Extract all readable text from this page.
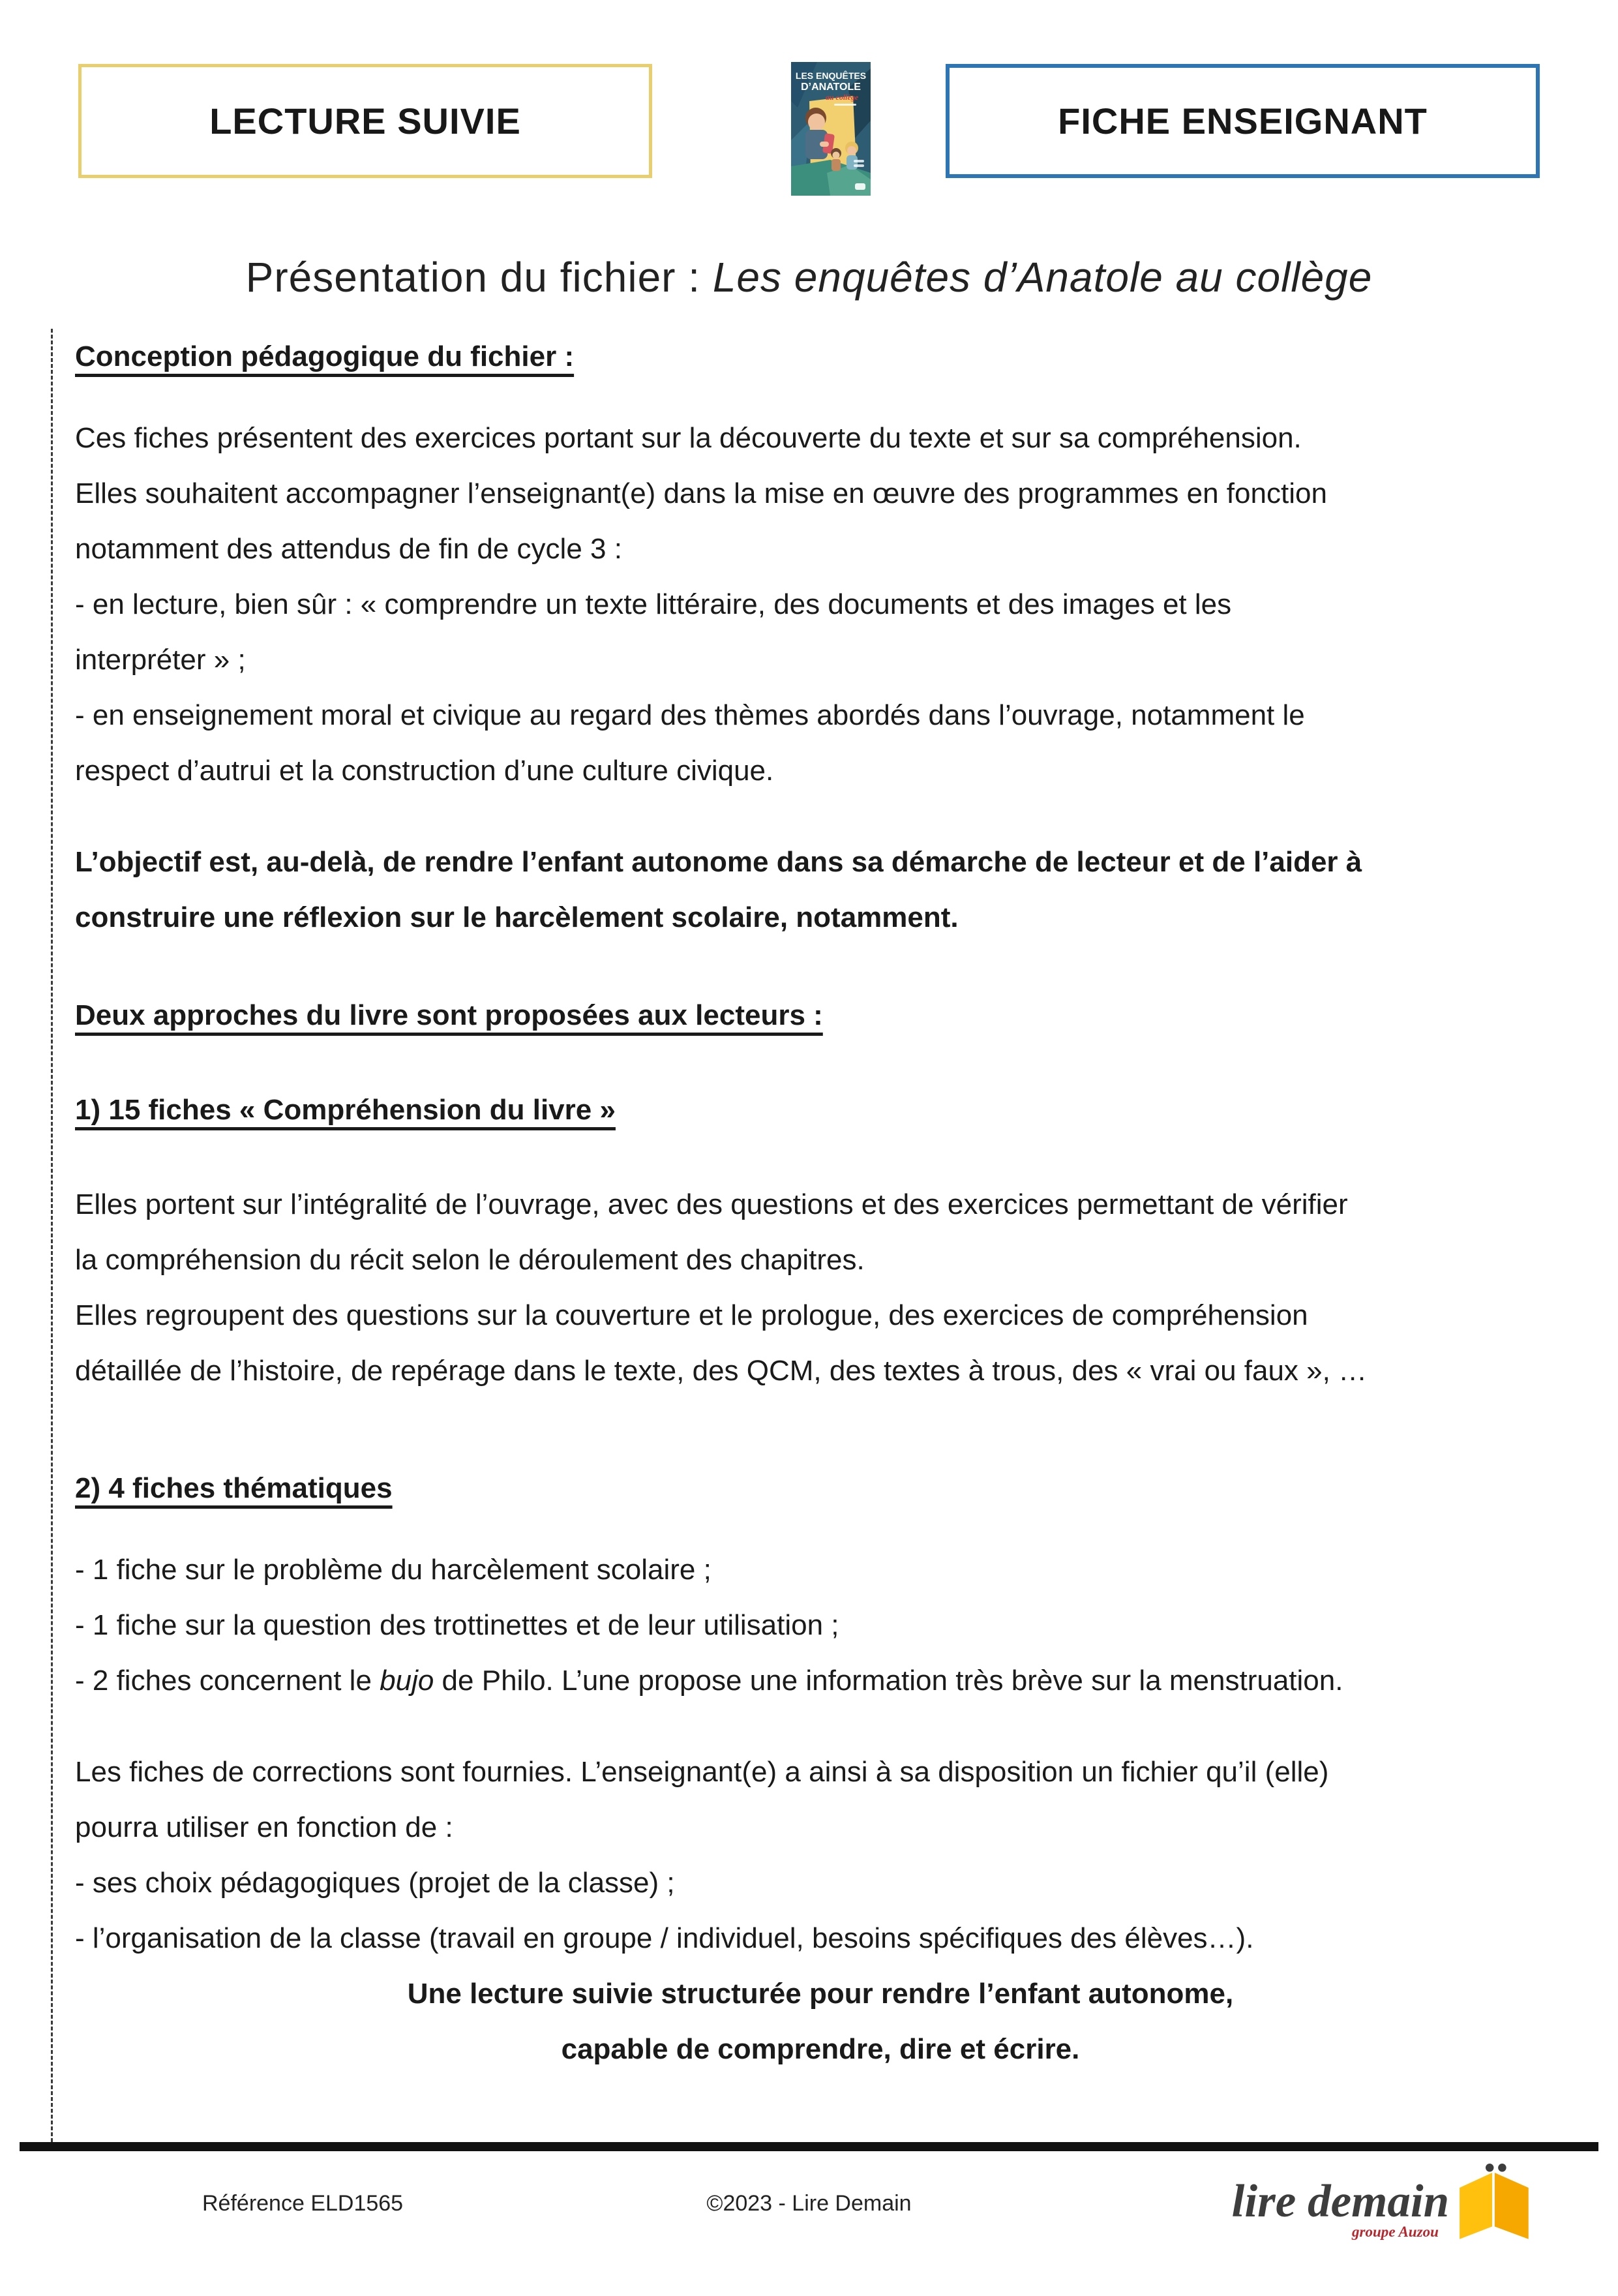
LECTURE SUIVIE
LES ENQUÊTES
D’ANATOLE
au collège
FICHE ENSEIGNANT
Présentation du fichier : Les enquêtes d’Anatole au collège
Conception pédagogique du fichier :
Ces fiches présentent des exercices portant sur la découverte du texte et sur sa compréhension.
Elles souhaitent accompagner l’enseignant(e) dans la mise en œuvre des programmes en fonction
notamment des attendus de fin de cycle 3 :
- en lecture, bien sûr : « comprendre un texte littéraire, des documents et des images et les
interpréter » ;
- en enseignement moral et civique au regard des thèmes abordés dans l’ouvrage, notamment le
respect d’autrui et la construction d’une culture civique.
L’objectif est, au-delà, de rendre l’enfant autonome dans sa démarche de lecteur et de l’aider à
construire une réflexion sur le harcèlement scolaire, notamment.
Deux approches du livre sont proposées aux lecteurs :
1) 15 fiches « Compréhension du livre »
Elles portent sur l’intégralité de l’ouvrage, avec des questions et des exercices permettant de vérifier
la compréhension du récit selon le déroulement des chapitres.
Elles regroupent des questions sur la couverture et le prologue, des exercices de compréhension
détaillée de l’histoire, de repérage dans le texte, des QCM, des textes à trous, des « vrai ou faux », …
2) 4 fiches thématiques
- 1 fiche sur le problème du harcèlement scolaire ;
- 1 fiche sur la question des trottinettes et de leur utilisation ;
- 2 fiches concernent le bujo de Philo. L’une propose une information très brève sur la menstruation.
Les fiches de corrections sont fournies. L’enseignant(e) a ainsi à sa disposition un fichier qu’il (elle)
pourra utiliser en fonction de :
- ses choix pédagogiques (projet de la classe) ;
- l’organisation de la classe (travail en groupe / individuel, besoins spécifiques des élèves…).
Une lecture suivie structurée pour rendre l’enfant autonome,
capable de comprendre, dire et écrire.
Référence ELD1565	©2023 - Lire Demain	lire demain
groupe Auzou
